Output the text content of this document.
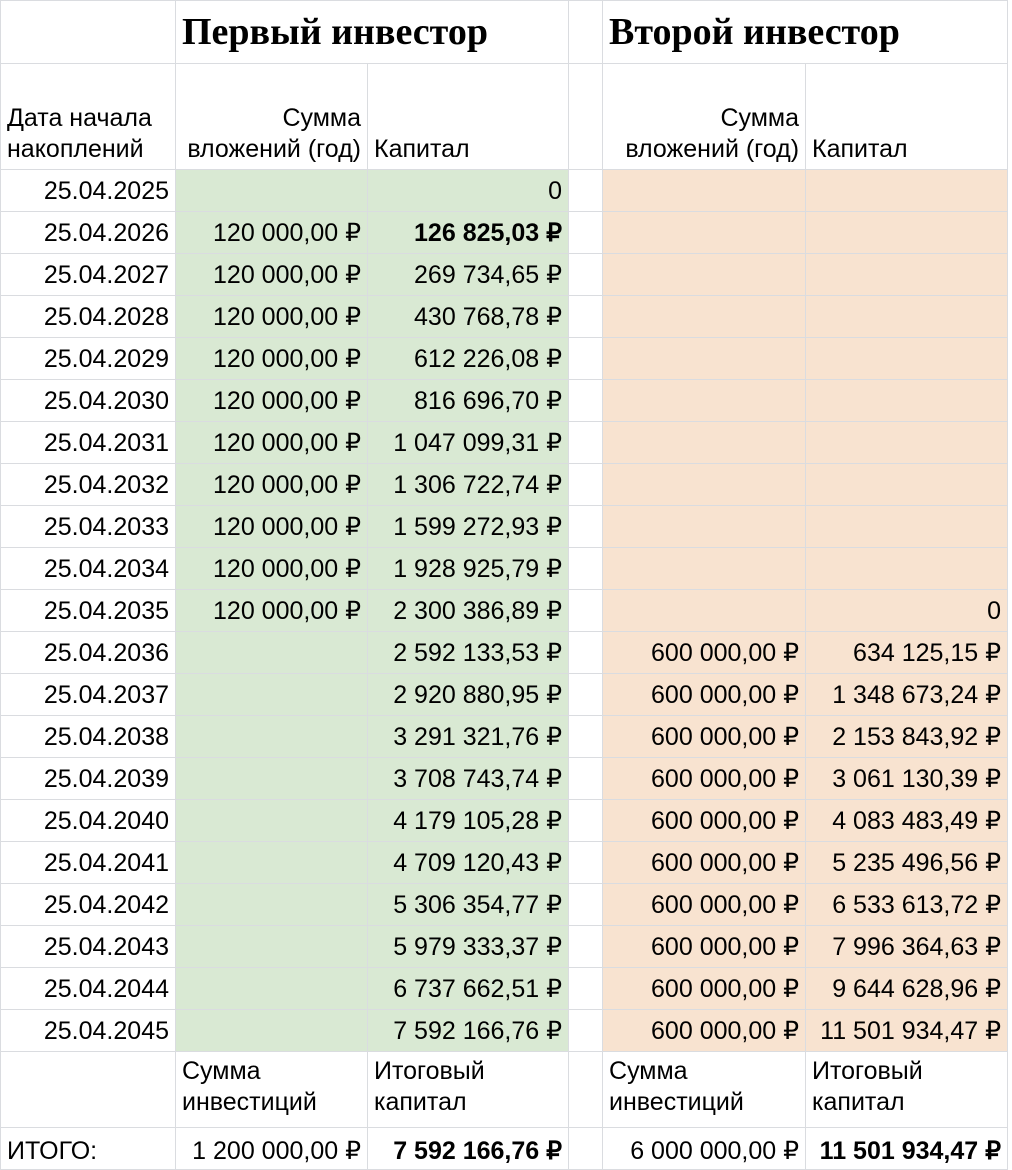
	Первый инвестор			Второй инвестор	
Дата начала накоплений	Сумма вложений (год)	Капитал		Сумма вложений (год)	Капитал
25.04.2025		0			
25.04.2026	120 000,00 ₽	126 825,03 ₽			
25.04.2027	120 000,00 ₽	269 734,65 ₽			
25.04.2028	120 000,00 ₽	430 768,78 ₽			
25.04.2029	120 000,00 ₽	612 226,08 ₽			
25.04.2030	120 000,00 ₽	816 696,70 ₽			
25.04.2031	120 000,00 ₽	1 047 099,31 ₽			
25.04.2032	120 000,00 ₽	1 306 722,74 ₽			
25.04.2033	120 000,00 ₽	1 599 272,93 ₽			
25.04.2034	120 000,00 ₽	1 928 925,79 ₽			
25.04.2035	120 000,00 ₽	2 300 386,89 ₽			0
25.04.2036		2 592 133,53 ₽		600 000,00 ₽	634 125,15 ₽
25.04.2037		2 920 880,95 ₽		600 000,00 ₽	1 348 673,24 ₽
25.04.2038		3 291 321,76 ₽		600 000,00 ₽	2 153 843,92 ₽
25.04.2039		3 708 743,74 ₽		600 000,00 ₽	3 061 130,39 ₽
25.04.2040		4 179 105,28 ₽		600 000,00 ₽	4 083 483,49 ₽
25.04.2041		4 709 120,43 ₽		600 000,00 ₽	5 235 496,56 ₽
25.04.2042		5 306 354,77 ₽		600 000,00 ₽	6 533 613,72 ₽
25.04.2043		5 979 333,37 ₽		600 000,00 ₽	7 996 364,63 ₽
25.04.2044		6 737 662,51 ₽		600 000,00 ₽	9 644 628,96 ₽
25.04.2045		7 592 166,76 ₽		600 000,00 ₽	11 501 934,47 ₽
	Сумма инвестиций	Итоговый капитал		Сумма инвестиций	Итоговый капитал
ИТОГО:	1 200 000,00 ₽	7 592 166,76 ₽		6 000 000,00 ₽	11 501 934,47 ₽
